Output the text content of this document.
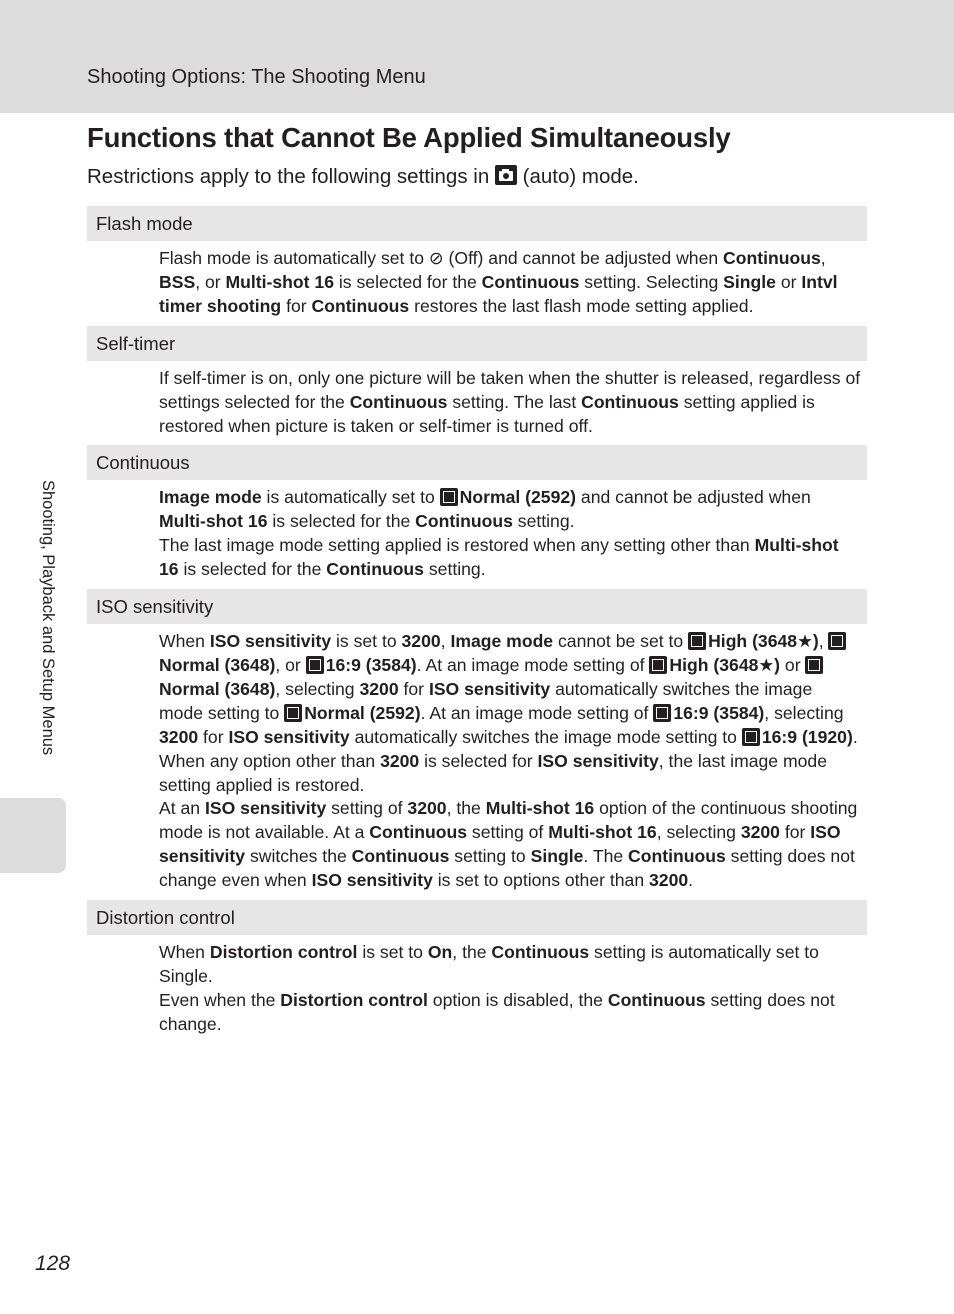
Shooting Options: The Shooting Menu
Functions that Cannot Be Applied Simultaneously
Restrictions apply to the following settings in  (auto) mode.
Flash mode

Flash mode is automatically set to ⊘ (Off) and cannot be adjusted when Continuous, BSS, or Multi-shot 16 is selected for the Continuous setting. Selecting Single or Intvl timer shooting for Continuous restores the last flash mode setting applied.

Self-timer

If self-timer is on, only one picture will be taken when the shutter is released, regardless of settings selected for the Continuous setting. The last Continuous setting applied is restored when picture is taken or self-timer is turned off.

Continuous

Image mode is automatically set to Normal (2592) and cannot be adjusted when Multi-shot 16 is selected for the Continuous setting.

The last image mode setting applied is restored when any setting other than Multi-shot 16 is selected for the Continuous setting.

ISO sensitivity

When ISO sensitivity is set to 3200, Image mode cannot be set to High (3648★), Normal (3648), or 16:9 (3584). At an image mode setting of High (3648★) or Normal (3648), selecting 3200 for ISO sensitivity automatically switches the image mode setting to Normal (2592). At an image mode setting of 16:9 (3584), selecting 3200 for ISO sensitivity automatically switches the image mode setting to 16:9 (1920). When any option other than 3200 is selected for ISO sensitivity, the last image mode setting applied is restored.

At an ISO sensitivity setting of 3200, the Multi-shot 16 option of the continuous shooting mode is not available. At a Continuous setting of Multi-shot 16, selecting 3200 for ISO sensitivity switches the Continuous setting to Single. The Continuous setting does not change even when ISO sensitivity is set to options other than 3200.

Distortion control

When Distortion control is set to On, the Continuous setting is automatically set to Single.

Even when the Distortion control option is disabled, the Continuous setting does not change.

Shooting, Playback and Setup Menus
128
